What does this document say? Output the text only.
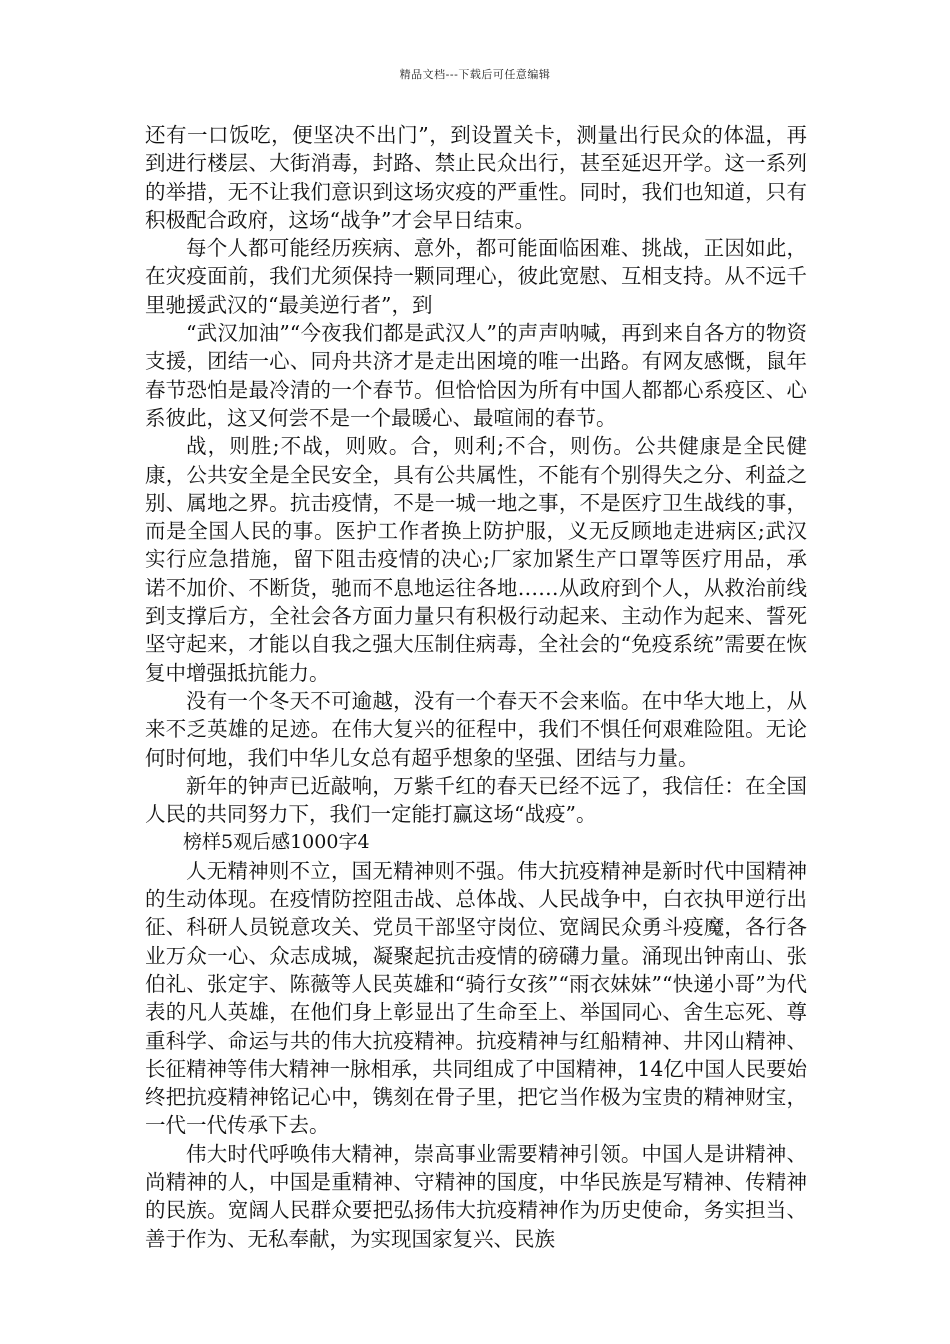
精品文档---下载后可任意编辑

还有一口饭吃，便坚决不出门”，到设置关卡，测量出行民众的体温，再到进行楼层、大街消毒，封路、禁止民众出行，甚至延迟开学。这一系列的举措，无不让我们意识到这场灾疫的严重性。同时，我们也知道，只有积极配合政府，这场“战争”才会早日结束。

每个人都可能经历疾病、意外，都可能面临困难、挑战，正因如此，在灾疫面前，我们尤须保持一颗同理心，彼此宽慰、互相支持。从不远千里驰援武汉的“最美逆行者”，到

“武汉加油”“今夜我们都是武汉人”的声声呐喊，再到来自各方的物资支援，团结一心、同舟共济才是走出困境的唯一出路。有网友感慨，鼠年春节恐怕是最冷清的一个春节。但恰恰因为所有中国人都都心系疫区、心系彼此，这又何尝不是一个最暖心、最喧闹的春节。

战，则胜;不战，则败。合，则利;不合，则伤。公共健康是全民健康，公共安全是全民安全，具有公共属性，不能有个别得失之分、利益之别、属地之界。抗击疫情，不是一城一地之事，不是医疗卫生战线的事，而是全国人民的事。医护工作者换上防护服，义无反顾地走进病区;武汉实行应急措施，留下阻击疫情的决心;厂家加紧生产口罩等医疗用品，承诺不加价、不断货，驰而不息地运往各地……从政府到个人，从救治前线到支撑后方，全社会各方面力量只有积极行动起来、主动作为起来、誓死坚守起来，才能以自我之强大压制住病毒，全社会的“免疫系统”需要在恢复中增强抵抗能力。

没有一个冬天不可逾越，没有一个春天不会来临。在中华大地上，从来不乏英雄的足迹。在伟大复兴的征程中，我们不惧任何艰难险阻。无论何时何地，我们中华儿女总有超乎想象的坚强、团结与力量。

新年的钟声已近敲响，万紫千红的春天已经不远了，我信任：在全国人民的共同努力下，我们一定能打赢这场“战疫”。

榜样5观后感1000字4

人无精神则不立，国无精神则不强。伟大抗疫精神是新时代中国精神的生动体现。在疫情防控阻击战、总体战、人民战争中，白衣执甲逆行出征、科研人员锐意攻关、党员干部坚守岗位、宽阔民众勇斗疫魔，各行各业万众一心、众志成城，凝聚起抗击疫情的磅礴力量。涌现出钟南山、张伯礼、张定宇、陈薇等人民英雄和“骑行女孩”“雨衣妹妹”“快递小哥”为代表的凡人英雄，在他们身上彰显出了生命至上、举国同心、舍生忘死、尊重科学、命运与共的伟大抗疫精神。抗疫精神与红船精神、井冈山精神、长征精神等伟大精神一脉相承，共同组成了中国精神，14亿中国人民要始终把抗疫精神铭记心中，镌刻在骨子里，把它当作极为宝贵的精神财宝，一代一代传承下去。

伟大时代呼唤伟大精神，崇高事业需要精神引领。中国人是讲精神、尚精神的人，中国是重精神、守精神的国度，中华民族是写精神、传精神的民族。宽阔人民群众要把弘扬伟大抗疫精神作为历史使命，务实担当、善于作为、无私奉献，为实现国家复兴、民族
